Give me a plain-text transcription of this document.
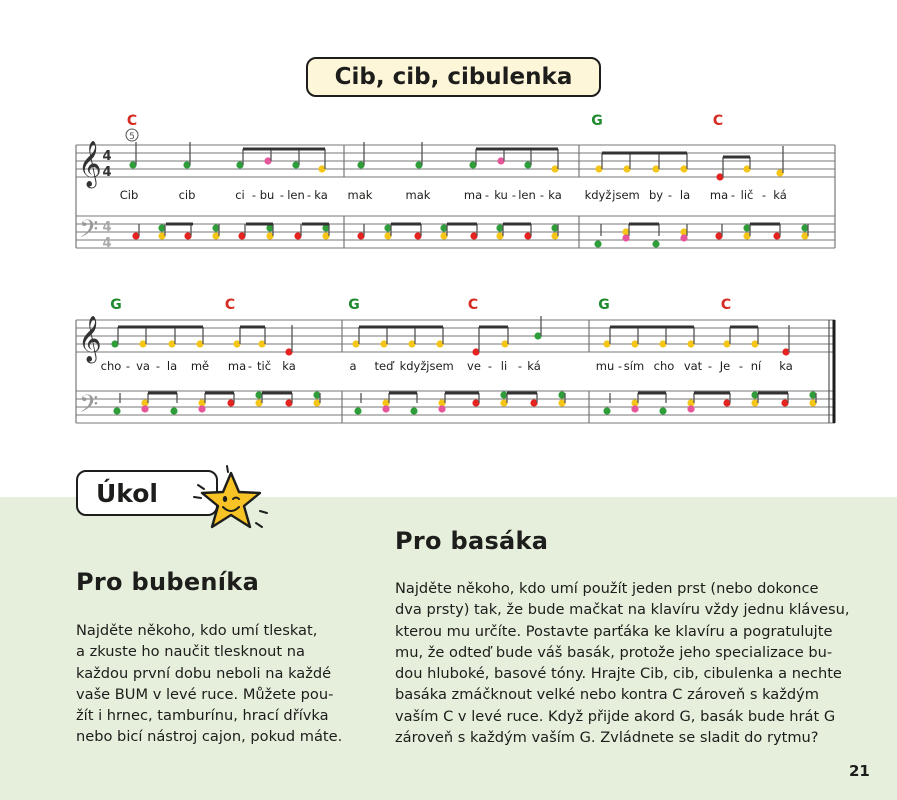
Cib, cib, cibulenka
𝄞
𝄢
𝄞
𝄢
4
4
4
4
C	G	C
G	C	G	C	G	C
5
Cib	cib	ci bu len ka mak	mak	ma ku len ka když jsem by la ma lič ká
- - -	- - -	-	- -
cho va la mě ma tič ka	a teď když jsem ve li ká	mu sím cho vat Je ní ka
- -	-	- -	-	- -
Úkol
Pro basáka
Pro bubeníka
Najděte někoho, kdo umí tleskat,
a zkuste ho naučit tlesknout na
každou první dobu neboli na každé
vaše BUM v levé ruce. Můžete pou-
žít i hrnec, tamburínu, hrací dřívka
nebo bicí nástroj cajon, pokud máte.
Najděte někoho, kdo umí použít jeden prst (nebo dokonce
dva prsty) tak, že bude mačkat na klavíru vždy jednu klávesu,
kterou mu určíte. Postavte parťáka ke klavíru a pogratulujte
mu, že odteď bude váš basák, protože jeho specializace bu-
dou hluboké, basové tóny. Hrajte Cib, cib, cibulenka a nechte
basáka zmáčknout velké nebo kontra C zároveň s každým
vaším C v levé ruce. Když přijde akord G, basák bude hrát G
zároveň s každým vaším G. Zvládnete se sladit do rytmu?
21
